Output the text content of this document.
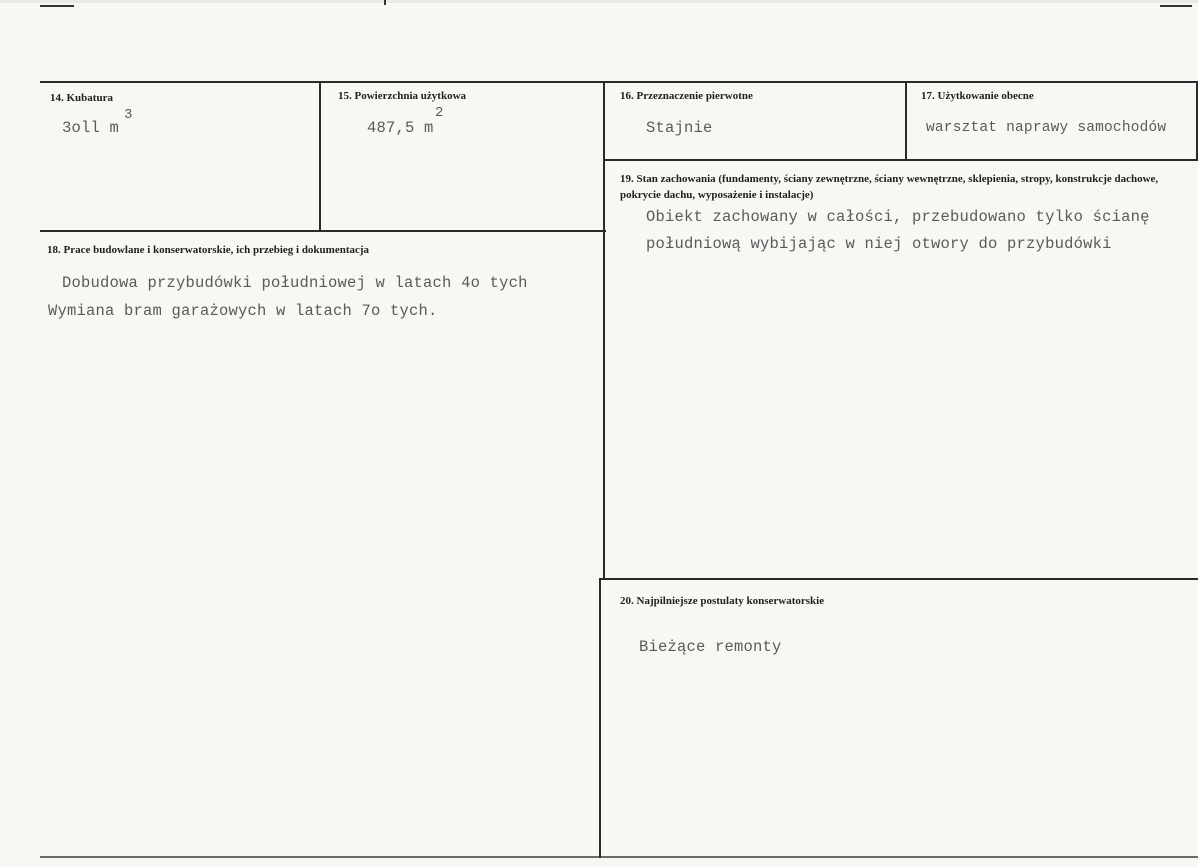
14. Kubatura
3oll m
3
15. Powierzchnia użytkowa
487,5 m
2
16. Przeznaczenie pierwotne
Stajnie
17. Użytkowanie obecne
warsztat naprawy samochodów
18. Prace budowlane i konserwatorskie, ich przebieg i dokumentacja
Dobudowa przybudówki południowej w latach 4o tych
Wymiana bram garażowych w latach 7o tych.
19. Stan zachowania (fundamenty, ściany zewnętrzne, ściany wewnętrzne, sklepienia, stropy, konstrukcje dachowe, pokrycie dachu, wyposażenie i instalacje)
Obiekt zachowany w całości, przebudowano tylko ścianę
południową wybijając w niej otwory do przybudówki
20. Najpilniejsze postulaty konserwatorskie
Bieżące remonty
